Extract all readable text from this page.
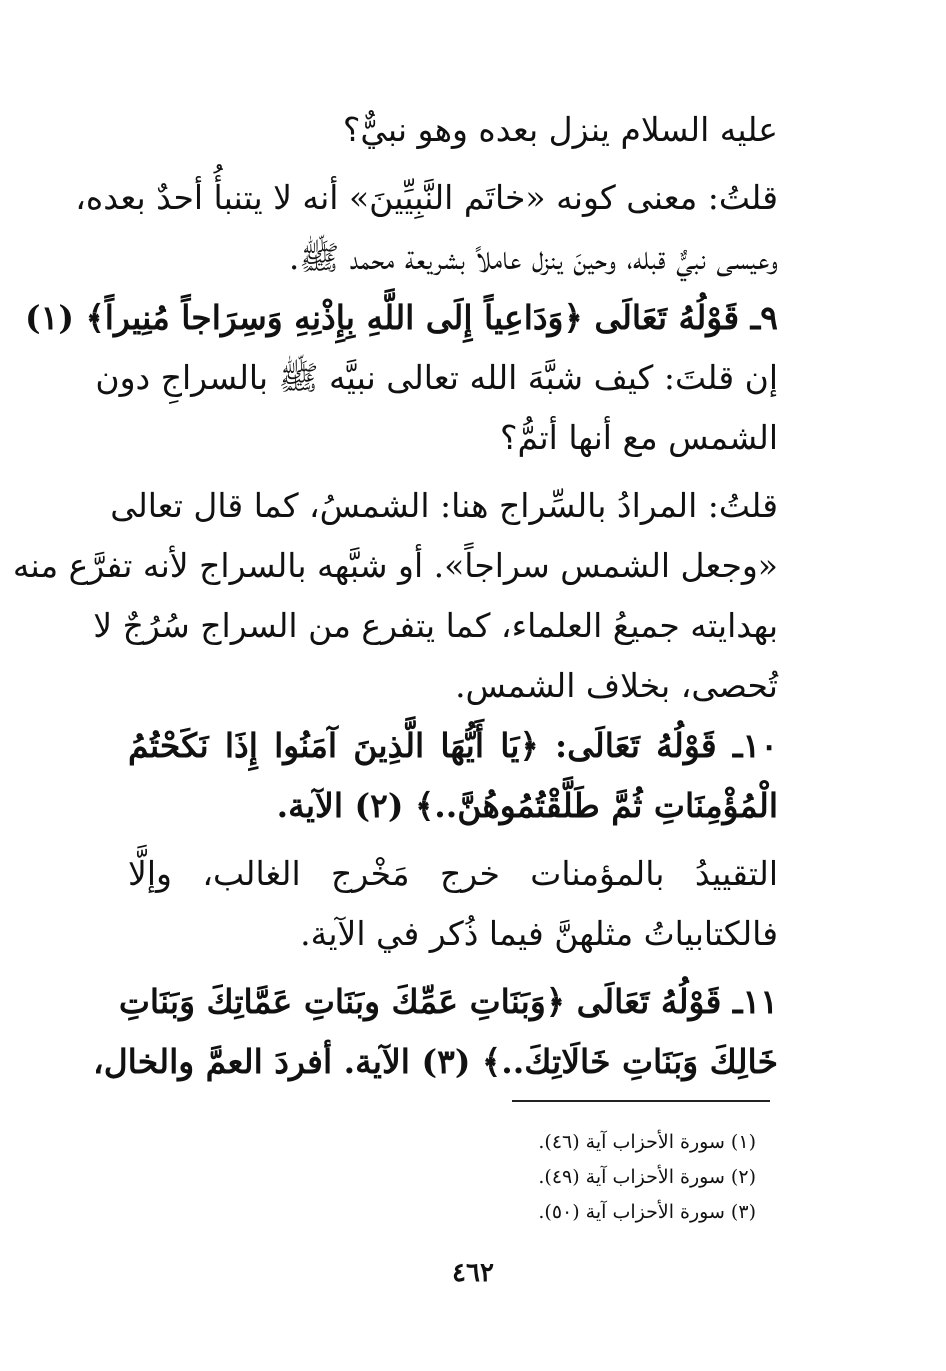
عليه السلام ينزل بعده وهو نبيٌّ؟
قلتُ: معنى كونه «خاتَم النَّبِيِّينَ» أنه لا يتنبأُ أحدٌ بعده،
وعيسى نبيٌّ قبله، وحينَ ينزل عاملاً بشريعة محمد ﷺ.
٩ـ قَوْلُهُ تَعَالَى ﴿وَدَاعِياً إِلَى اللَّهِ بِإِذْنِهِ وَسِرَاجاً مُنِيراً﴾ (١)
إن قلتَ: كيف شبَّهَ الله تعالى نبيَّه ﷺ بالسراجِ دون
الشمس مع أنها أتمُّ؟
قلتُ: المرادُ بالسِّراج هنا: الشمسُ، كما قال تعالى
«وجعل الشمس سراجاً». أو شبَّهه بالسراج لأنه تفرَّع منه
بهدايته جميعُ العلماء، كما يتفرع من السراج سُرُجٌ لا
تُحصى، بخلاف الشمس.
١٠ـ قَوْلُهُ تَعَالَى: ﴿يَا أَيُّهَا الَّذِينَ آمَنُوا إِذَا نَكَحْتُمُ
الْمُؤْمِنَاتِ ثُمَّ طَلَّقْتُمُوهُنَّ..﴾ (٢) الآية.
التقييدُ بالمؤمنات خرج مَخْرج الغالب، وإلَّا
فالكتابياتُ مثلهنَّ فيما ذُكر في الآية.
١١ـ قَوْلُهُ تَعَالَى ﴿وَبَنَاتِ عَمِّكَ وبَنَاتِ عَمَّاتِكَ وَبَنَاتِ
خَالِكَ وَبَنَاتِ خَالَاتِكَ..﴾ (٣) الآية. أفردَ العمَّ والخال،
(١) سورة الأحزاب آية (٤٦).
(٢) سورة الأحزاب آية (٤٩).
(٣) سورة الأحزاب آية (٥٠).
٤٦٢
